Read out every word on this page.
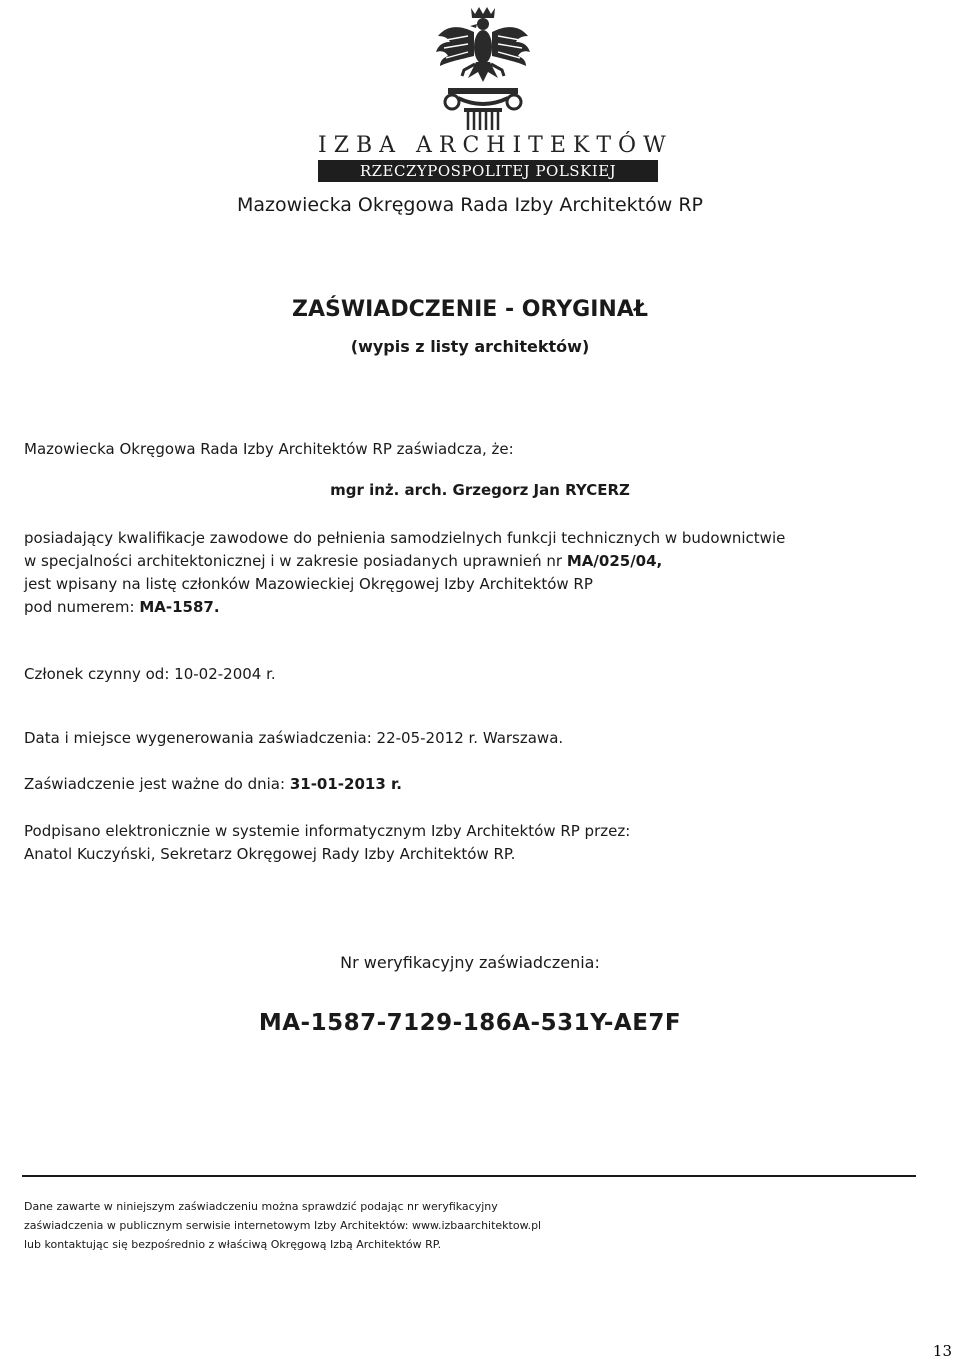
IZBA ARCHITEKTÓW
RZECZYPOSPOLITEJ POLSKIEJ
Mazowiecka Okręgowa Rada Izby Architektów RP
ZAŚWIADCZENIE - ORYGINAŁ
(wypis z listy architektów)
Mazowiecka Okręgowa Rada Izby Architektów RP zaświadcza, że:
mgr inż. arch. Grzegorz Jan RYCERZ
posiadający kwalifikacje zawodowe do pełnienia samodzielnych funkcji technicznych w budownictwie
w specjalności architektonicznej i w zakresie posiadanych uprawnień nr MA/025/04,
jest wpisany na listę członków Mazowieckiej Okręgowej Izby Architektów RP
pod numerem: MA-1587.
Członek czynny od: 10-02-2004 r.
Data i miejsce wygenerowania zaświadczenia: 22-05-2012 r. Warszawa.
Zaświadczenie jest ważne do dnia: 31-01-2013 r.
Podpisano elektronicznie w systemie informatycznym Izby Architektów RP przez:
Anatol Kuczyński, Sekretarz Okręgowej Rady Izby Architektów RP.
Nr weryfikacyjny zaświadczenia:
MA-1587-7129-186A-531Y-AE7F
Dane zawarte w niniejszym zaświadczeniu można sprawdzić podając nr weryfikacyjny
zaświadczenia w publicznym serwisie internetowym Izby Architektów: www.izbaarchitektow.pl
lub kontaktując się bezpośrednio z właściwą Okręgową Izbą Architektów RP.
13
